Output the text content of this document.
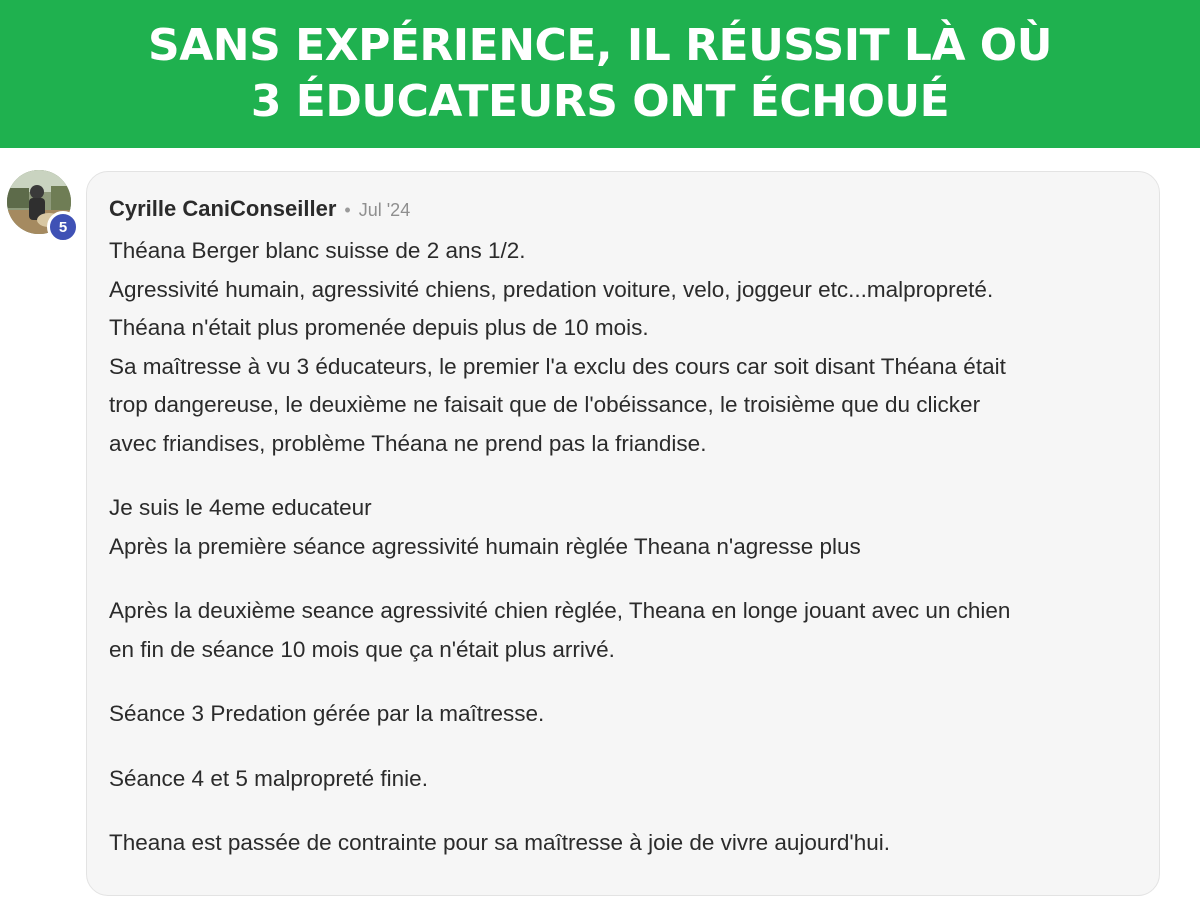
SANS EXPÉRIENCE, IL RÉUSSIT LÀ OÙ
3 ÉDUCATEURS ONT ÉCHOUÉ
5
Cyrille CaniConseiller • Jul '24

Théana Berger blanc suisse de 2 ans 1/2.
Agressivité humain, agressivité chiens, predation voiture, velo, joggeur etc...malpropreté.
Théana n'était plus promenée depuis plus de 10 mois.
Sa maîtresse à vu 3 éducateurs, le premier l'a exclu des cours car soit disant Théana était
trop dangereuse, le deuxième ne faisait que de l'obéissance, le troisième que du clicker
avec friandises, problème Théana ne prend pas la friandise.

Je suis le 4eme educateur
Après la première séance agressivité humain règlée Theana n'agresse plus

Après la deuxième seance agressivité chien règlée, Theana en longe jouant avec un chien
en fin de séance 10 mois que ça n'était plus arrivé.

Séance 3 Predation gérée par la maîtresse.

Séance 4 et 5 malpropreté finie.

Theana est passée de contrainte pour sa maîtresse à joie de vivre aujourd'hui.
